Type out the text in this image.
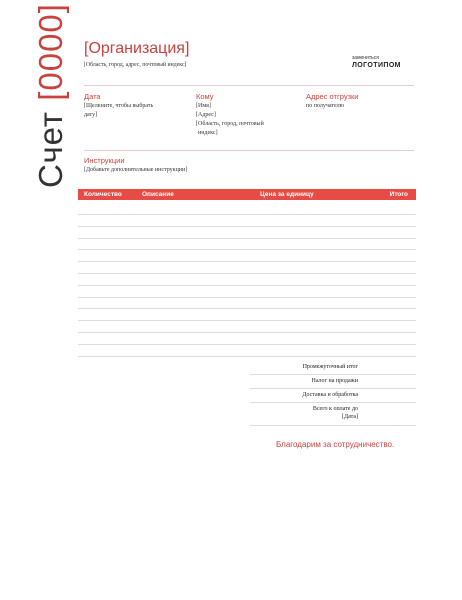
Счет [0000] [Организация]
[Область, город, адрес, почтовый индекс]
замениться
ЛОГОТИПОМ
Дата
[Щелкните, чтобы выбрать
дату]
Кому
[Имя]
[Адрес]
[Область, город, почтовый
индекс]
Адрес отгрузки
по получателю
Инструкции
[Добавьте дополнительные инструкции]
Количество	Описание	Цена за единицу	Итого
Промежуточный итог
Налог на продажи
Доставка и обработка
Всего к оплате до
[Дата]
Благодарим за сотрудничество.
